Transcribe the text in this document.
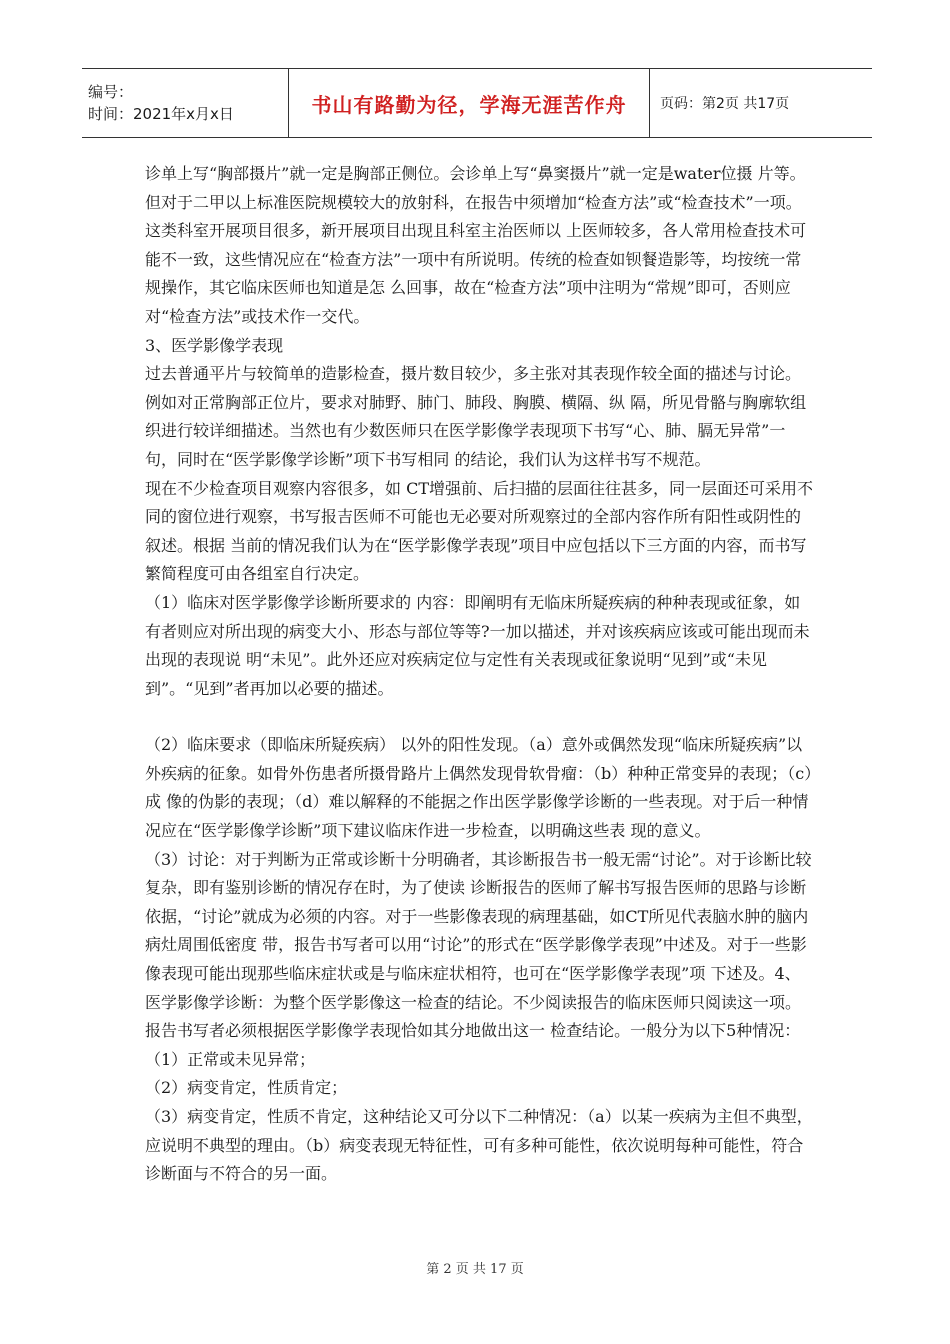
编号：
时间：2021年x月x日	书山有路勤为径，学海无涯苦作舟	页码：第2页 共17页

诊单上写“胸部摄片”就一定是胸部正侧位。会诊单上写“鼻窦摄片”就一定是water位摄 片等。但对于二甲以上标准医院规模较大的放射科，在报告中须增加“检查方法”或“检查技术”一项。这类科室开展项目很多，新开展项目出现且科室主治医师以 上医师较多，各人常用检查技术可能不一致，这些情况应在“检查方法”一项中有所说明。传统的检查如钡餐造影等，均按统一常规操作，其它临床医师也知道是怎 么回事，故在“检查方法”项中注明为“常规”即可，否则应对“检查方法”或技术作一交代。

3、医学影像学表现

过去普通平片与较简单的造影检查，摄片数目较少，多主张对其表现作较全面的描述与讨论。例如对正常胸部正位片，要求对肺野、肺门、肺段、胸膜、横隔、纵 隔，所见骨骼与胸廓软组织进行较详细描述。当然也有少数医师只在医学影像学表现项下书写“心、肺、膈无异常”一句，同时在“医学影像学诊断”项下书写相同 的结论，我们认为这样书写不规范。

现在不少检查项目观察内容很多，如 CT增强前、后扫描的层面往往甚多，同一层面还可采用不同的窗位进行观察，书写报吉医师不可能也无必要对所观察过的全部内容作所有阳性或阴性的叙述。根据 当前的情况我们认为在“医学影像学表现”项目中应包括以下三方面的内容，而书写繁简程度可由各组室自行决定。

（1）临床对医学影像学诊断所要求的 内容：即阐明有无临床所疑疾病的种种表现或征象，如有者则应对所出现的病变大小、形态与部位等等?一加以描述，并对该疾病应该或可能出现而未出现的表现说 明“未见”。此外还应对疾病定位与定性有关表现或征象说明“见到”或“未见到”。“见到”者再加以必要的描述。

（2）临床要求（即临床所疑疾病） 以外的阳性发现。（a）意外或偶然发现“临床所疑疾病”以外疾病的征象。如骨外伤患者所摄骨路片上偶然发现骨软骨瘤：（b）种种正常变异的表现；（c）成 像的伪影的表现；（d）难以解释的不能据之作出医学影像学诊断的一些表现。对于后一种情况应在“医学影像学诊断”项下建议临床作进一步检查，以明确这些表 现的意义。

（3）讨论：对于判断为正常或诊断十分明确者，其诊断报告书一般无需“讨论”。对于诊断比较复杂，即有鉴别诊断的情况存在时，为了使读 诊断报告的医师了解书写报告医师的思路与诊断依据，“讨论”就成为必须的内容。对于一些影像表现的病理基础，如CT所见代表脑水肿的脑内病灶周围低密度 带，报告书写者可以用“讨论”的形式在“医学影像学表现”中述及。对于一些影像表现可能出现那些临床症状或是与临床症状相符，也可在“医学影像学表现”项 下述及。4、医学影像学诊断：为整个医学影像这一检查的结论。不少阅读报告的临床医师只阅读这一项。报告书写者必须根据医学影像学表现恰如其分地做出这一 检查结论。一般分为以下5种情况：

（1）正常或未见异常；

（2）病变肯定，性质肯定；

（3）病变肯定，性质不肯定，这种结论又可分以下二种情况：（a）以某一疾病为主但不典型，应说明不典型的理由。（b）病变表现无特征性，可有多种可能性，依次说明每种可能性，符合诊断面与不符合的另一面。

第 2 页 共 17 页
